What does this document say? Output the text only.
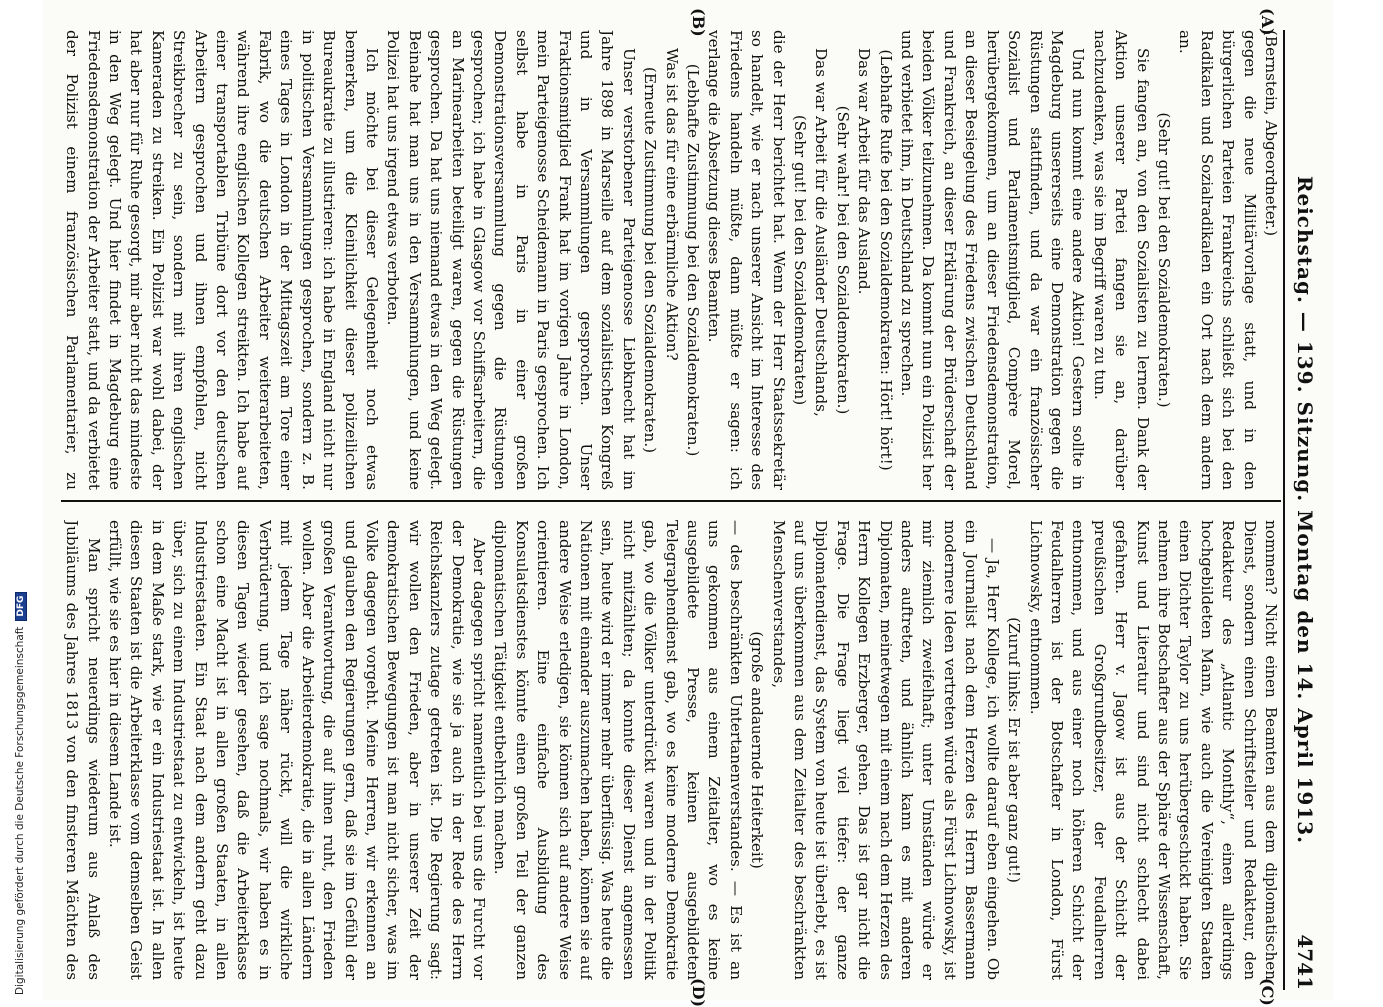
Digitalisierung gefördert durch die Deutsche ForschungsgemeinschaftDFG	Reichstag. — 139. Sitzung. Montag den 14. April 1913.
4741
(A)
(B)
(C)
(D)

(Bernstein, Abgeordneter.)

gegen die neue Militärvorlage statt, und in den bürgerlichen Parteien Frankreichs schließt sich bei den Radikalen und Sozialradikalen ein Ort nach dem andern an.

(Sehr gut! bei den Sozialdemokraten.)

Sie fangen an, von den Sozialisten zu lernen. Dank der Aktion unserer Partei fangen sie an, darüber nachzudenken, was sie im Begriff waren zu tun.

Und nun kommt eine andere Aktion! Gestern sollte in Magdeburg unsererseits eine Demonstration gegen die Rüstungen stattfinden, und da war ein französischer Sozialist und Parlamentsmitglied, Compère Morel, herübergekommen, um an dieser Friedensdemonstration, an dieser Besiegelung des Friedens zwischen Deutschland und Frankreich, an dieser Erklärung der Brüderschaft der beiden Völker teilzunehmen. Da kommt nun ein Polizist her und verbietet ihm, in Deutschland zu sprechen.

(Lebhafte Rufe bei den Sozialdemokraten: Hört! hört!)

Das war Arbeit für das Ausland.

(Sehr wahr! bei den Sozialdemokraten.)

Das war Arbeit für die Ausländer Deutschlands,

(Sehr gut! bei den Sozialdemokraten)

die der Herr berichtet hat. Wenn der Herr Staatssekretär so handelt, wie er nach unserer Ansicht im Interesse des Friedens handeln müßte, dann müßte er sagen: ich verlange die Absetzung dieses Beamten.

(Lebhafte Zustimmung bei den Sozialdemokraten.)

Was ist das für eine erbärmliche Aktion?

(Erneute Zustimmung bei den Sozialdemokraten.)

Unser verstorbener Parteigenosse Liebknecht hat im Jahre 1898 in Marseille auf dem sozialistischen Kongreß und in Versammlungen gesprochen. Unser Fraktionsmitglied Frank hat im vorigen Jahre in London, mein Parteigenosse Scheidemann in Paris gesprochen. Ich selbst habe in Paris in einer großen Demonstrationsversammlung gegen die Rüstungen gesprochen; ich habe in Glasgow vor Schiffsarbeitern, die an Marinearbeiten beteiligt waren, gegen die Rüstungen gesprochen. Da hat uns niemand etwas in den Weg gelegt. Beinahe hat man uns in den Versammlungen, und keine Polizei hat uns irgend etwas verboten.

Ich möchte bei dieser Gelegenheit noch etwas bemerken, um die Kleinlichkeit dieser polizeilichen Bureaukratie zu illustrieren: ich habe in England nicht nur in politischen Versammlungen gesprochen, sondern z. B. eines Tages in London in der Mittagszeit am Tore einer Fabrik, wo die deutschen Arbeiter weiterarbeiteten, während ihre englischen Kollegen streikten. Ich habe auf einer transportablen Tribüne dort vor den deutschen Arbeitern gesprochen und ihnen empfohlen, nicht Streikbrecher zu sein, sondern mit ihren englischen Kameraden zu streiken. Ein Polizist war wohl dabei, der hat aber nur für Ruhe gesorgt, mir aber nicht das mindeste in den Weg gelegt. Und hier findet in Magdeburg eine Friedensdemonstration der Arbeiter statt, und da verbietet der Polizist einem französischen Parlamentarier, zu

nommen? Nicht einen Beamten aus dem diplomatischen Dienst, sondern einen Schriftsteller und Redakteur, den Redakteur des „Atlantic Monthly“, einen allerdings hochgebildeten Mann, wie auch die Vereinigten Staaten einen Dichter Taylor zu uns herübergeschickt haben. Sie nehmen ihre Botschafter aus der Sphäre der Wissenschaft, Kunst und Literatur und sind nicht schlecht dabei gefahren. Herr v. Jagow ist aus der Schicht der preußischen Großgrundbesitzer, der Feudalherren entnommen, und aus einer noch höheren Schicht der Feudalherren ist der Botschafter in London, Fürst Lichnowsky, entnommen.

(Zuruf links: Er ist aber ganz gut!)

— Ja, Herr Kollege, ich wollte darauf eben eingehen. Ob ein Journalist nach dem Herzen des Herrn Bassermann modernere Ideen vertreten würde als Fürst Lichnowsky, ist mir ziemlich zweifelhaft; unter Umständen würde er anders auftreten, und ähnlich kann es mit anderen Diplomaten, meinetwegen mit einem nach dem Herzen des Herrn Kollegen Erzberger, gehen. Das ist gar nicht die Frage. Die Frage liegt viel tiefer: der ganze Diplomatendienst, das System von heute ist überlebt, es ist auf uns überkommen aus dem Zeitalter des beschränkten Menschenverstandes,

(große andauernde Heiterkeit)

— des beschränkten Untertanenverstandes. — Es ist an uns gekommen aus einem Zeitalter, wo es keine ausgebildete Presse, keinen ausgebildeten Telegraphendienst gab, wo es keine moderne Demokratie gab, wo die Völker unterdrückt waren und in der Politik nicht mitzählten; da konnte dieser Dienst angemessen sein, heute wird er immer mehr überflüssig. Was heute die Nationen mit einander auszumachen haben, können sie auf andere Weise erledigen, sie können sich auf andere Weise orientieren. Eine einfache Ausbildung des Konsulatsdienstes könnte einen großen Teil der ganzen diplomatischen Tätigkeit entbehrlich machen.

Aber dagegen spricht namentlich bei uns die Furcht vor der Demokratie, wie sie ja auch in der Rede des Herrn Reichskanzlers zutage getreten ist. Die Regierung sagt: wir wollen den Frieden, aber in unserer Zeit der demokratischen Bewegungen ist man nicht sicher, was im Volke dagegen vorgeht. Meine Herren, wir erkennen an und glauben den Regierungen gern, daß sie im Gefühl der großen Verantwortung, die auf ihnen ruht, den Frieden wollen. Aber die Arbeiterdemokratie, die in allen Ländern mit jedem Tage näher rückt, will die wirkliche Verbrüderung, und ich sage nochmals, wir haben es in diesen Tagen wieder gesehen, daß die Arbeiterklasse schon eine Macht ist in allen großen Staaten, in allen Industriestaaten. Ein Staat nach dem andern geht dazu über, sich zu einem Industriestaat zu entwickeln, ist heute in dem Maße stark, wie er ein Industriestaat ist. In allen diesen Staaten ist die Arbeiterklasse vom demselben Geist erfüllt, wie sie es hier in diesem Lande ist.

Man spricht neuerdings wiederum aus Anlaß des Jubiläums des Jahres 1813 von den finsteren Mächten des
